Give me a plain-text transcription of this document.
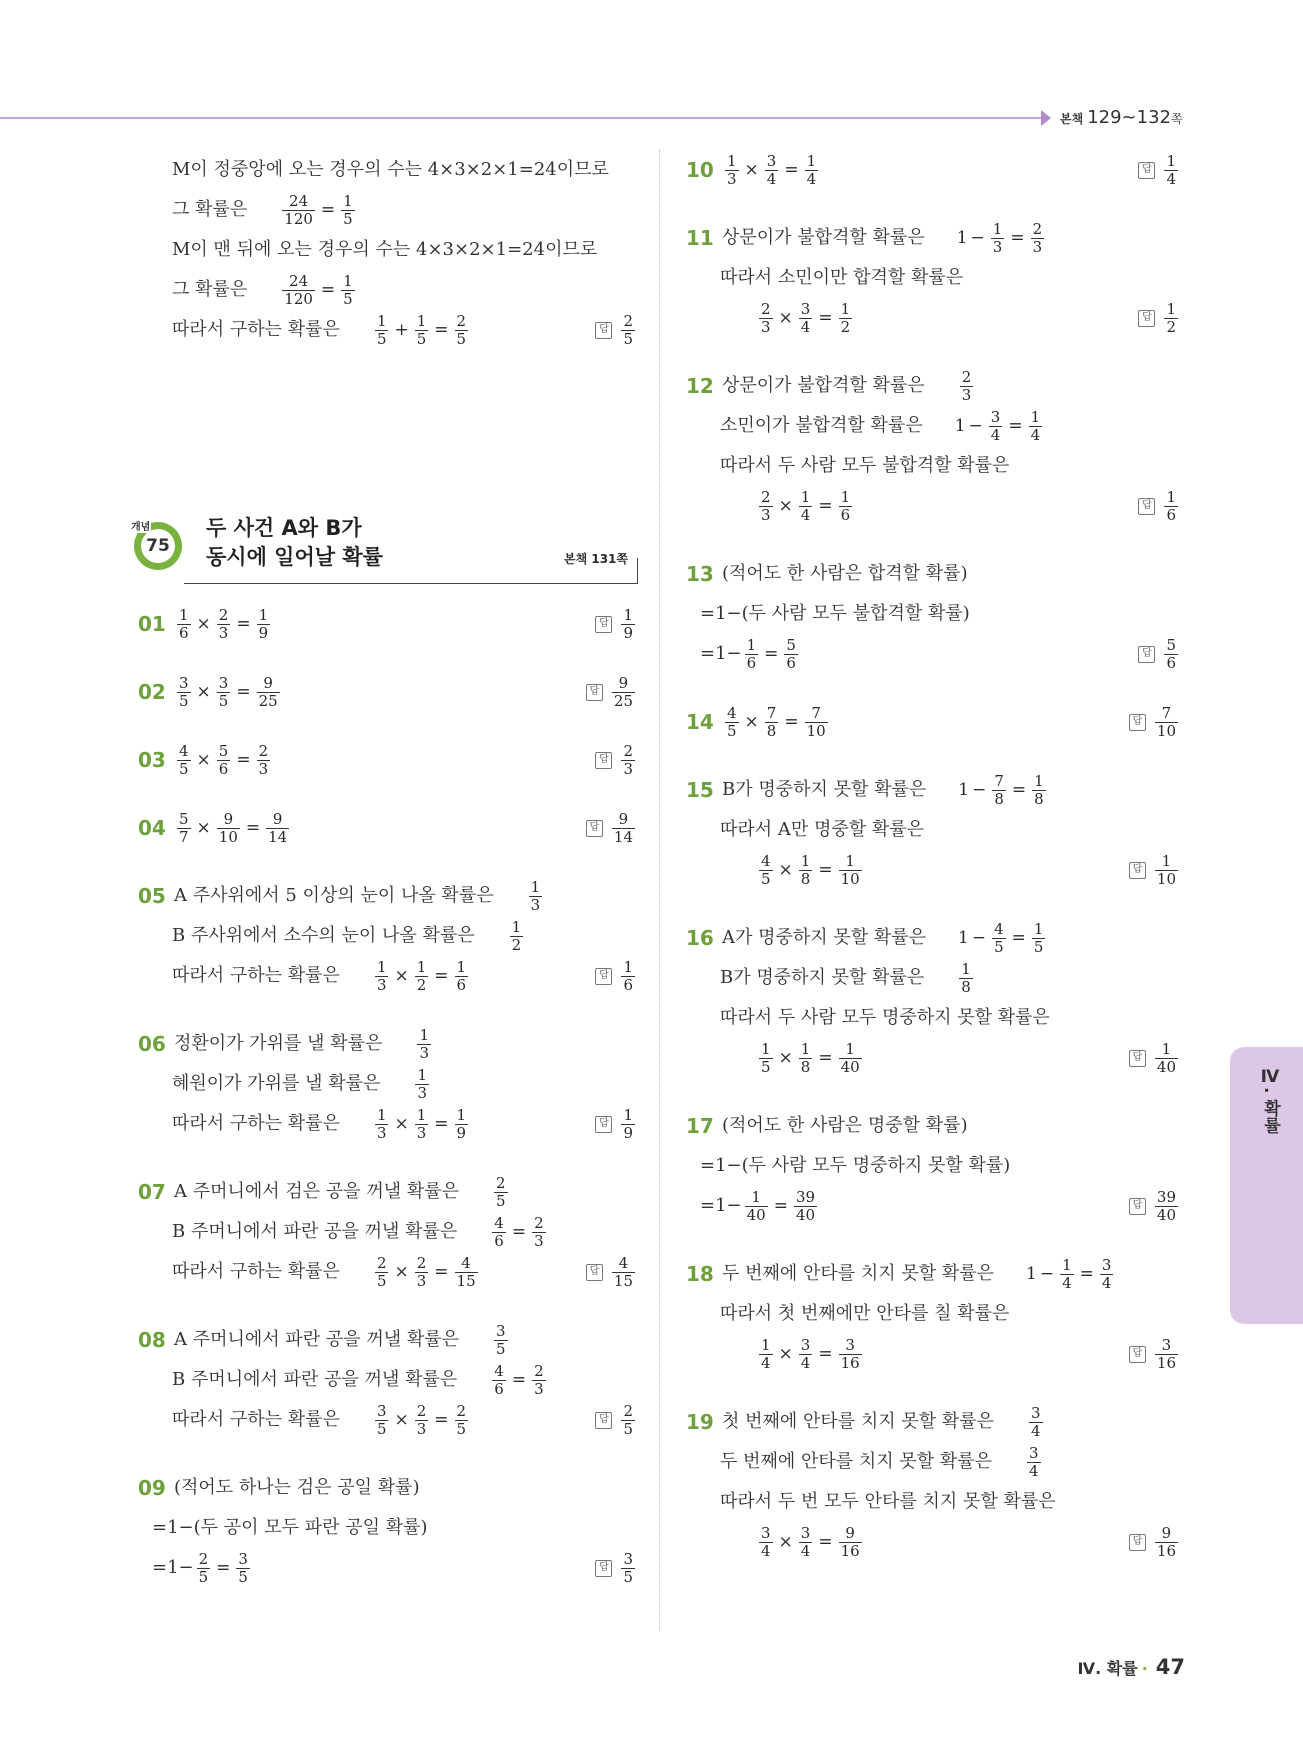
본책 129~132쪽
M이 정중앙에 오는 경우의 수는 4×3×2×1=24이므로
그 확률은 $\frac{24}{120} = \frac{1}{5}$
M이 맨 뒤에 오는 경우의 수는 4×3×2×1=24이므로
그 확률은 $\frac{24}{120} = \frac{1}{5}$
따라서 구하는 확률은 $\frac{1}{5} + \frac{1}{5} = \frac{2}{5}$	답 $\frac{2}{5}$
75
개념	두 사건 A와 B가
동시에 일어날 확률	본책 131쪽
$01 \frac{1}{6} \times \frac{2}{3} = \frac{1}{9}$	답 $\frac{1}{9}$
$02 \frac{3}{5} \times \frac{3}{5} = \frac{9}{25}$	답 $\frac{9}{25}$
$03 \frac{4}{5} \times \frac{5}{6} = \frac{2}{3}$	답 $\frac{2}{3}$
$04 \frac{5}{7} \times \frac{9}{10} = \frac{9}{14}$	답 $\frac{9}{14}$
05 A 주사위에서 5 이상의 눈이 나올 확률은 $\frac{1}{3}$
B 주사위에서 소수의 눈이 나올 확률은 $\frac{1}{2}$
따라서 구하는 확률은 $\frac{1}{3} \times \frac{1}{2} = \frac{1}{6}$	답 $\frac{1}{6}$
06 정환이가 가위를 낼 확률은 $\frac{1}{3}$
혜원이가 가위를 낼 확률은 $\frac{1}{3}$
따라서 구하는 확률은 $\frac{1}{3} \times \frac{1}{3} = \frac{1}{9}$	답 $\frac{1}{9}$
07 A 주머니에서 검은 공을 꺼낼 확률은 $\frac{2}{5}$
B 주머니에서 파란 공을 꺼낼 확률은 $\frac{4}{6} = \frac{2}{3}$
따라서 구하는 확률은 $\frac{2}{5} \times \frac{2}{3} = \frac{4}{15}$	답 $\frac{4}{15}$
08 A 주머니에서 파란 공을 꺼낼 확률은 $\frac{3}{5}$
B 주머니에서 파란 공을 꺼낼 확률은 $\frac{4}{6} = \frac{2}{3}$
따라서 구하는 확률은 $\frac{3}{5} \times \frac{2}{3} = \frac{2}{5}$	답 $\frac{2}{5}$
09 (적어도 하나는 검은 공일 확률)
=1−(두 공이 모두 파란 공일 확률)
$=1- \frac{2}{5} = \frac{3}{5}$	답 $\frac{3}{5}$
$10 \frac{1}{3} \times \frac{3}{4} = \frac{1}{4}$	답 $\frac{1}{4}$
11 상문이가 불합격할 확률은 $1 - \frac{1}{3} = \frac{2}{3}$
따라서 소민이만 합격할 확률은
$\frac{2}{3} \times \frac{3}{4} = \frac{1}{2}$	답 $\frac{1}{2}$
12 상문이가 불합격할 확률은 $\frac{2}{3}$
소민이가 불합격할 확률은 $1 - \frac{3}{4} = \frac{1}{4}$
따라서 두 사람 모두 불합격할 확률은
$\frac{2}{3} \times \frac{1}{4} = \frac{1}{6}$	답 $\frac{1}{6}$
13 (적어도 한 사람은 합격할 확률)
=1−(두 사람 모두 불합격할 확률)
$=1- \frac{1}{6} = \frac{5}{6}$	답 $\frac{5}{6}$
$14 \frac{4}{5} \times \frac{7}{8} = \frac{7}{10}$	답 $\frac{7}{10}$
15 B가 명중하지 못할 확률은 $1 - \frac{7}{8} = \frac{1}{8}$
따라서 A만 명중할 확률은
$\frac{4}{5} \times \frac{1}{8} = \frac{1}{10}$	답 $\frac{1}{10}$
16 A가 명중하지 못할 확률은 $1 - \frac{4}{5} = \frac{1}{5}$
B가 명중하지 못할 확률은 $\frac{1}{8}$
따라서 두 사람 모두 명중하지 못할 확률은
$\frac{1}{5} \times \frac{1}{8} = \frac{1}{40}$	답 $\frac{1}{40}$
17 (적어도 한 사람은 명중할 확률)
=1−(두 사람 모두 명중하지 못할 확률)
$=1- \frac{1}{40} = \frac{39}{40}$	답 $\frac{39}{40}$
18 두 번째에 안타를 치지 못할 확률은 $1 - \frac{1}{4} = \frac{3}{4}$
따라서 첫 번째에만 안타를 칠 확률은
$\frac{1}{4} \times \frac{3}{4} = \frac{3}{16}$	답 $\frac{3}{16}$
19 첫 번째에 안타를 치지 못할 확률은 $\frac{3}{4}$
두 번째에 안타를 치지 못할 확률은 $\frac{3}{4}$
따라서 두 번 모두 안타를 치지 못할 확률은
$\frac{3}{4} \times \frac{3}{4} = \frac{9}{16}$	답 $\frac{9}{16}$
Ⅳ. 확률
Ⅳ. 확률 · 47
